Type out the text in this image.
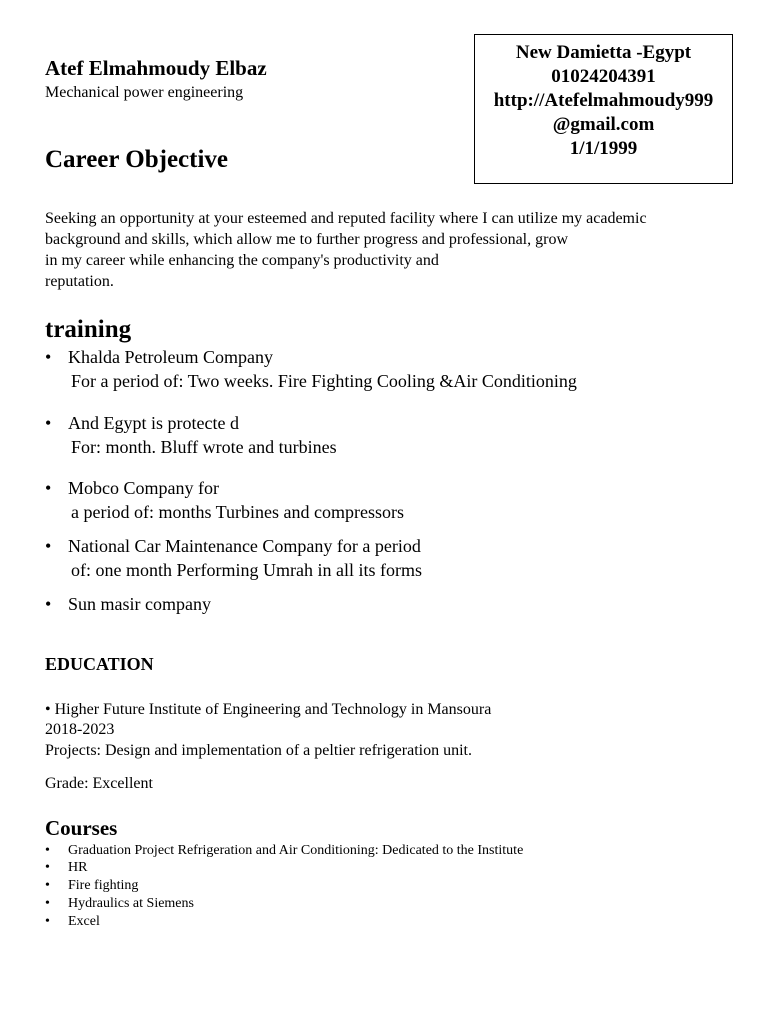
Atef Elmahmoudy Elbaz
Mechanical power engineering
New Damietta -Egypt
01024204391
http://Atefelmahmoudy999
@gmail.com
1/1/1999
Career Objective
Seeking an opportunity at your esteemed and reputed facility where I can utilize my academic
background and skills, which allow me to further progress and professional, grow
in my career while enhancing the company's productivity and
reputation.
training
• Khalda Petroleum Company
For a period of: Two weeks. Fire Fighting Cooling &Air Conditioning
• And Egypt is protecte d
For: month. Bluff wrote and turbines
• Mobco Company for
a period of: months Turbines and compressors
• National Car Maintenance Company for a period
of: one month Performing Umrah in all its forms
• Sun masir company
EDUCATION
• Higher Future Institute of Engineering and Technology in Mansoura
2018-2023
Projects: Design and implementation of a peltier refrigeration unit.
Grade: Excellent
Courses
• Graduation Project Refrigeration and Air Conditioning: Dedicated to the Institute
• HR
• Fire fighting
• Hydraulics at Siemens
• Excel
